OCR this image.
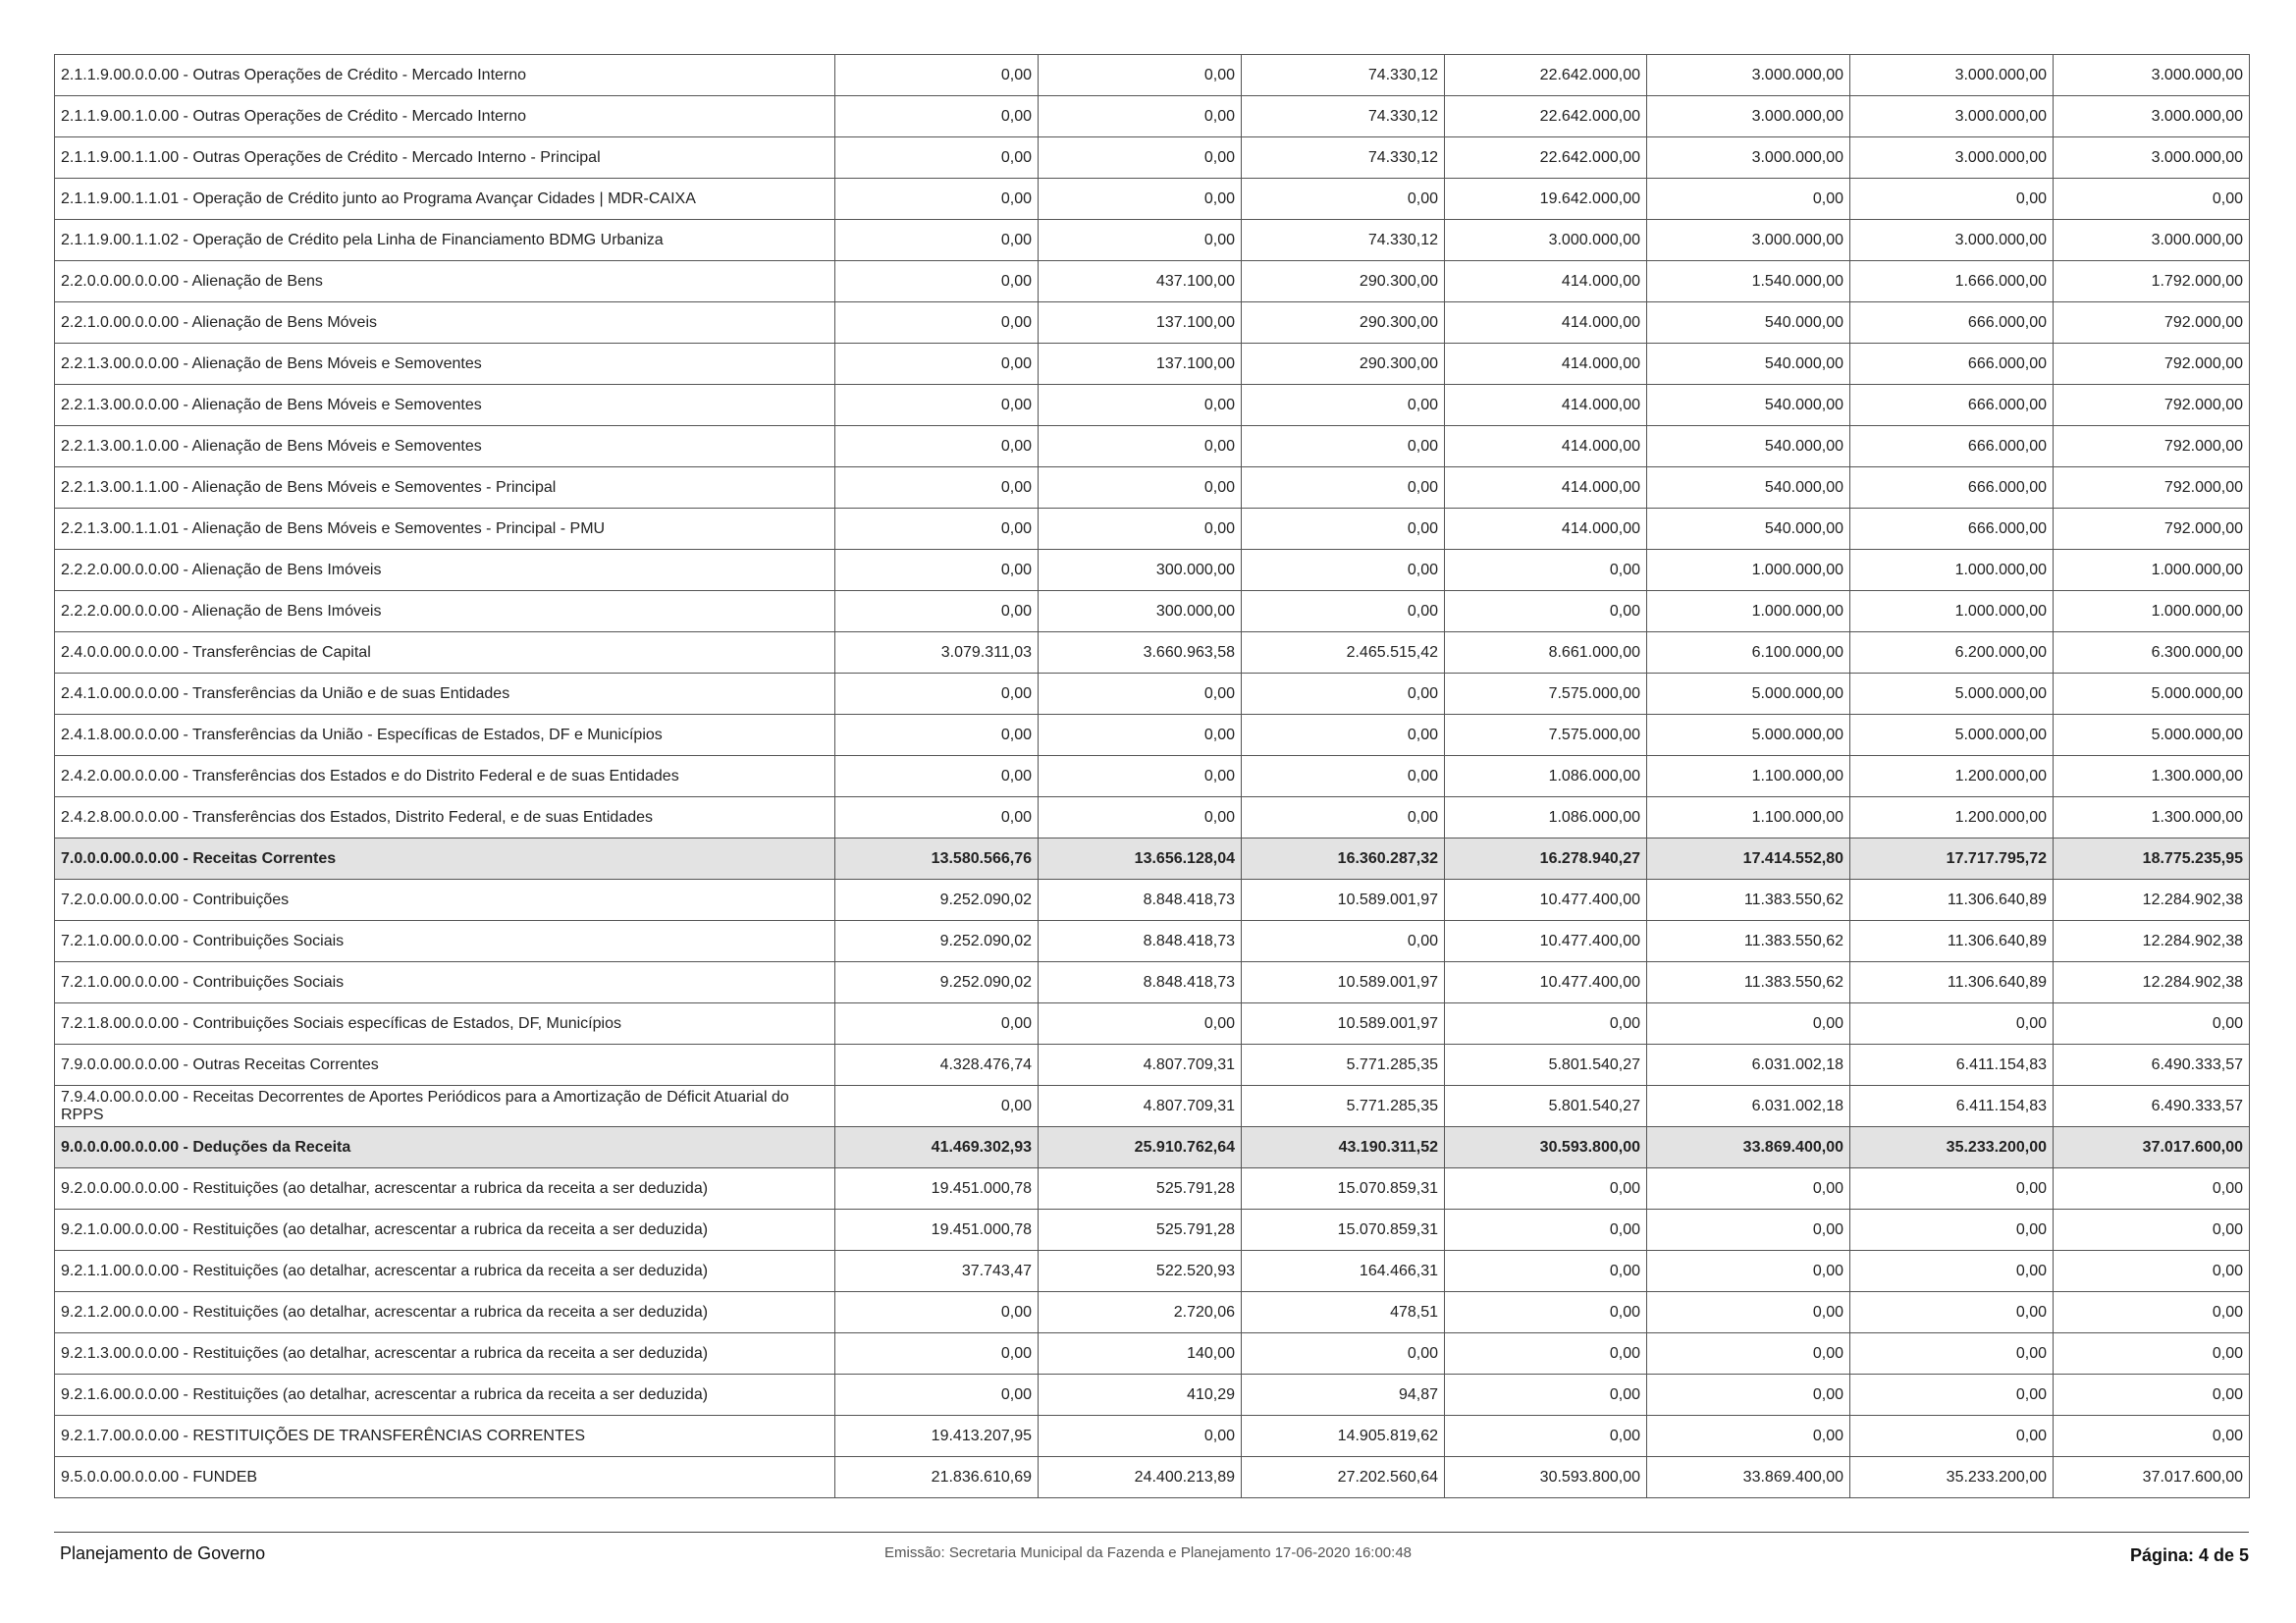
2.1.1.9.00.0.0.00 - Outras Operações de Crédito - Mercado Interno	0,00	0,00	74.330,12	22.642.000,00	3.000.000,00	3.000.000,00	3.000.000,00
2.1.1.9.00.1.0.00 - Outras Operações de Crédito - Mercado Interno	0,00	0,00	74.330,12	22.642.000,00	3.000.000,00	3.000.000,00	3.000.000,00
2.1.1.9.00.1.1.00 - Outras Operações de Crédito - Mercado Interno - Principal	0,00	0,00	74.330,12	22.642.000,00	3.000.000,00	3.000.000,00	3.000.000,00
2.1.1.9.00.1.1.01 - Operação de Crédito junto ao Programa Avançar Cidades | MDR-CAIXA	0,00	0,00	0,00	19.642.000,00	0,00	0,00	0,00
2.1.1.9.00.1.1.02 - Operação de Crédito pela Linha de Financiamento BDMG Urbaniza	0,00	0,00	74.330,12	3.000.000,00	3.000.000,00	3.000.000,00	3.000.000,00
2.2.0.0.00.0.0.00 - Alienação de Bens	0,00	437.100,00	290.300,00	414.000,00	1.540.000,00	1.666.000,00	1.792.000,00
2.2.1.0.00.0.0.00 - Alienação de Bens Móveis	0,00	137.100,00	290.300,00	414.000,00	540.000,00	666.000,00	792.000,00
2.2.1.3.00.0.0.00 - Alienação de Bens Móveis e Semoventes	0,00	137.100,00	290.300,00	414.000,00	540.000,00	666.000,00	792.000,00
2.2.1.3.00.0.0.00 - Alienação de Bens Móveis e Semoventes	0,00	0,00	0,00	414.000,00	540.000,00	666.000,00	792.000,00
2.2.1.3.00.1.0.00 - Alienação de Bens Móveis e Semoventes	0,00	0,00	0,00	414.000,00	540.000,00	666.000,00	792.000,00
2.2.1.3.00.1.1.00 - Alienação de Bens Móveis e Semoventes - Principal	0,00	0,00	0,00	414.000,00	540.000,00	666.000,00	792.000,00
2.2.1.3.00.1.1.01 - Alienação de Bens Móveis e Semoventes - Principal - PMU	0,00	0,00	0,00	414.000,00	540.000,00	666.000,00	792.000,00
2.2.2.0.00.0.0.00 - Alienação de Bens Imóveis	0,00	300.000,00	0,00	0,00	1.000.000,00	1.000.000,00	1.000.000,00
2.2.2.0.00.0.0.00 - Alienação de Bens Imóveis	0,00	300.000,00	0,00	0,00	1.000.000,00	1.000.000,00	1.000.000,00
2.4.0.0.00.0.0.00 - Transferências de Capital	3.079.311,03	3.660.963,58	2.465.515,42	8.661.000,00	6.100.000,00	6.200.000,00	6.300.000,00
2.4.1.0.00.0.0.00 - Transferências da União e de suas Entidades	0,00	0,00	0,00	7.575.000,00	5.000.000,00	5.000.000,00	5.000.000,00
2.4.1.8.00.0.0.00 - Transferências da União - Específicas de Estados, DF e Municípios	0,00	0,00	0,00	7.575.000,00	5.000.000,00	5.000.000,00	5.000.000,00
2.4.2.0.00.0.0.00 - Transferências dos Estados e do Distrito Federal e de suas Entidades	0,00	0,00	0,00	1.086.000,00	1.100.000,00	1.200.000,00	1.300.000,00
2.4.2.8.00.0.0.00 - Transferências dos Estados, Distrito Federal, e de suas Entidades	0,00	0,00	0,00	1.086.000,00	1.100.000,00	1.200.000,00	1.300.000,00
7.0.0.0.00.0.0.00 - Receitas Correntes	13.580.566,76	13.656.128,04	16.360.287,32	16.278.940,27	17.414.552,80	17.717.795,72	18.775.235,95
7.2.0.0.00.0.0.00 - Contribuições	9.252.090,02	8.848.418,73	10.589.001,97	10.477.400,00	11.383.550,62	11.306.640,89	12.284.902,38
7.2.1.0.00.0.0.00 - Contribuições Sociais	9.252.090,02	8.848.418,73	0,00	10.477.400,00	11.383.550,62	11.306.640,89	12.284.902,38
7.2.1.0.00.0.0.00 - Contribuições Sociais	9.252.090,02	8.848.418,73	10.589.001,97	10.477.400,00	11.383.550,62	11.306.640,89	12.284.902,38
7.2.1.8.00.0.0.00 - Contribuições Sociais específicas de Estados, DF, Municípios	0,00	0,00	10.589.001,97	0,00	0,00	0,00	0,00
7.9.0.0.00.0.0.00 - Outras Receitas Correntes	4.328.476,74	4.807.709,31	5.771.285,35	5.801.540,27	6.031.002,18	6.411.154,83	6.490.333,57
7.9.4.0.00.0.0.00 - Receitas Decorrentes de Aportes Periódicos para a Amortização de Déficit Atuarial do RPPS	0,00	4.807.709,31	5.771.285,35	5.801.540,27	6.031.002,18	6.411.154,83	6.490.333,57
9.0.0.0.00.0.0.00 - Deduções da Receita	41.469.302,93	25.910.762,64	43.190.311,52	30.593.800,00	33.869.400,00	35.233.200,00	37.017.600,00
9.2.0.0.00.0.0.00 - Restituições (ao detalhar, acrescentar a rubrica da receita a ser deduzida)	19.451.000,78	525.791,28	15.070.859,31	0,00	0,00	0,00	0,00
9.2.1.0.00.0.0.00 - Restituições (ao detalhar, acrescentar a rubrica da receita a ser deduzida)	19.451.000,78	525.791,28	15.070.859,31	0,00	0,00	0,00	0,00
9.2.1.1.00.0.0.00 - Restituições (ao detalhar, acrescentar a rubrica da receita a ser deduzida)	37.743,47	522.520,93	164.466,31	0,00	0,00	0,00	0,00
9.2.1.2.00.0.0.00 - Restituições (ao detalhar, acrescentar a rubrica da receita a ser deduzida)	0,00	2.720,06	478,51	0,00	0,00	0,00	0,00
9.2.1.3.00.0.0.00 - Restituições (ao detalhar, acrescentar a rubrica da receita a ser deduzida)	0,00	140,00	0,00	0,00	0,00	0,00	0,00
9.2.1.6.00.0.0.00 - Restituições (ao detalhar, acrescentar a rubrica da receita a ser deduzida)	0,00	410,29	94,87	0,00	0,00	0,00	0,00
9.2.1.7.00.0.0.00 - RESTITUIÇÕES DE TRANSFERÊNCIAS CORRENTES	19.413.207,95	0,00	14.905.819,62	0,00	0,00	0,00	0,00
9.5.0.0.00.0.0.00 - FUNDEB	21.836.610,69	24.400.213,89	27.202.560,64	30.593.800,00	33.869.400,00	35.233.200,00	37.017.600,00
Planejamento de Governo	Emissão: Secretaria Municipal da Fazenda e Planejamento 17-06-2020 16:00:48	Página: 4 de 5
